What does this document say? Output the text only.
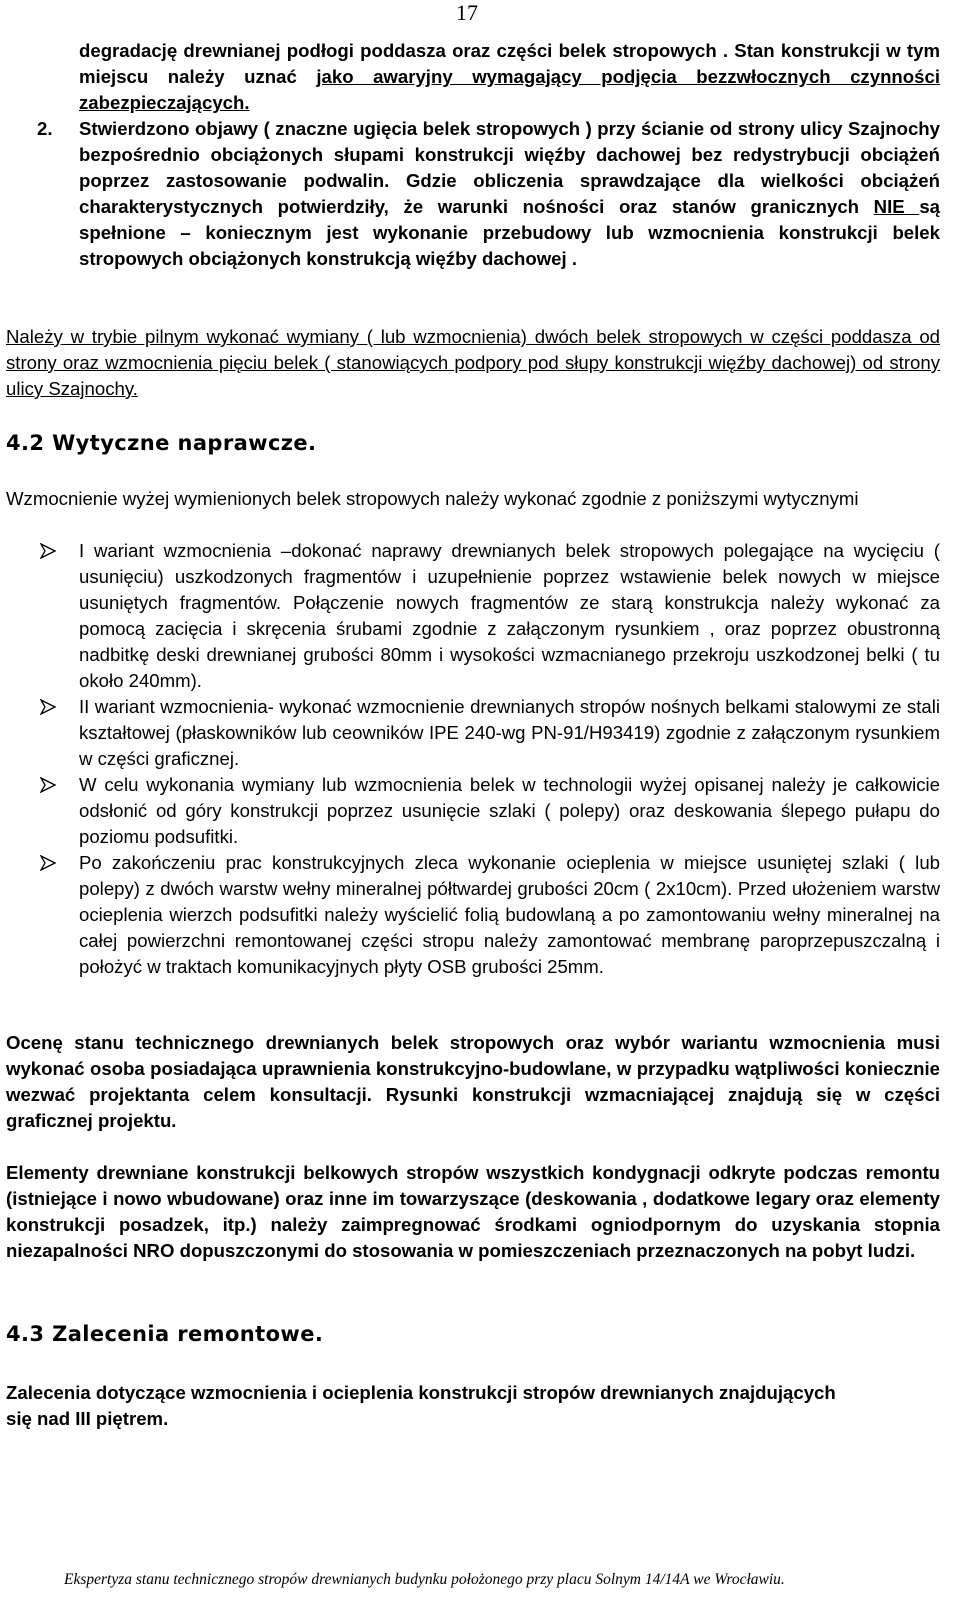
17
degradację drewnianej podłogi poddasza oraz części belek stropowych . Stan konstrukcji w tym miejscu należy uznać jako awaryjny wymagający podjęcia bezzwłocznych czynności zabezpieczających.
2. Stwierdzono objawy ( znaczne ugięcia belek stropowych ) przy ścianie od strony ulicy Szajnochy bezpośrednio obciążonych słupami konstrukcji więźby dachowej bez redystrybucji obciążeń poprzez zastosowanie podwalin. Gdzie obliczenia sprawdzające dla wielkości obciążeń charakterystycznych potwierdziły, że warunki nośności oraz stanów granicznych NIE są spełnione – koniecznym jest wykonanie przebudowy lub wzmocnienia konstrukcji belek stropowych obciążonych konstrukcją więźby dachowej .
Należy w trybie pilnym wykonać wymiany ( lub wzmocnienia) dwóch belek stropowych w części poddasza od strony oraz wzmocnienia pięciu belek ( stanowiących podpory pod słupy konstrukcji więźby dachowej) od strony ulicy Szajnochy.
4.2 Wytyczne naprawcze.
Wzmocnienie wyżej wymienionych belek stropowych należy wykonać zgodnie z poniższymi wytycznymi
I wariant wzmocnienia –dokonać naprawy drewnianych belek stropowych polegające na wycięciu ( usunięciu) uszkodzonych fragmentów i uzupełnienie poprzez wstawienie belek nowych w miejsce usuniętych fragmentów. Połączenie nowych fragmentów ze starą konstrukcja należy wykonać za pomocą zacięcia i skręcenia śrubami zgodnie z załączonym rysunkiem , oraz poprzez obustronną nadbitkę deski drewnianej grubości 80mm i wysokości wzmacnianego przekroju uszkodzonej belki ( tu około 240mm).
II wariant wzmocnienia- wykonać wzmocnienie drewnianych stropów nośnych belkami stalowymi ze stali kształtowej (płaskowników lub ceowników IPE 240-wg PN-91/H93419) zgodnie z załączonym rysunkiem w części graficznej.
W celu wykonania wymiany lub wzmocnienia belek w technologii wyżej opisanej należy je całkowicie odsłonić od góry konstrukcji poprzez usunięcie szlaki ( polepy) oraz deskowania ślepego pułapu do poziomu podsufitki.
Po zakończeniu prac konstrukcyjnych zleca wykonanie ocieplenia w miejsce usuniętej szlaki ( lub polepy) z dwóch warstw wełny mineralnej półtwardej grubości 20cm ( 2x10cm). Przed ułożeniem warstw ocieplenia wierzch podsufitki należy wyścielić folią budowlaną a po zamontowaniu wełny mineralnej na całej powierzchni remontowanej części stropu należy zamontować membranę paroprzepuszczalną i położyć w traktach komunikacyjnych płyty OSB grubości 25mm.
Ocenę stanu technicznego drewnianych belek stropowych oraz wybór wariantu wzmocnienia musi wykonać osoba posiadająca uprawnienia konstrukcyjno-budowlane, w przypadku wątpliwości koniecznie wezwać projektanta celem konsultacji. Rysunki konstrukcji wzmacniającej znajdują się w części graficznej projektu.
Elementy drewniane konstrukcji belkowych stropów wszystkich kondygnacji odkryte podczas remontu (istniejące i nowo wbudowane) oraz inne im towarzyszące (deskowania , dodatkowe legary oraz elementy konstrukcji posadzek, itp.) należy zaimpregnować środkami ogniodpornym do uzyskania stopnia niezapalności NRO dopuszczonymi do stosowania w pomieszczeniach przeznaczonych na pobyt ludzi.
4.3 Zalecenia remontowe.
Zalecenia dotyczące wzmocnienia i ocieplenia konstrukcji stropów drewnianych znajdujących się nad III piętrem.
Ekspertyza stanu technicznego stropów drewnianych budynku położonego przy placu Solnym 14/14A we Wrocławiu.
